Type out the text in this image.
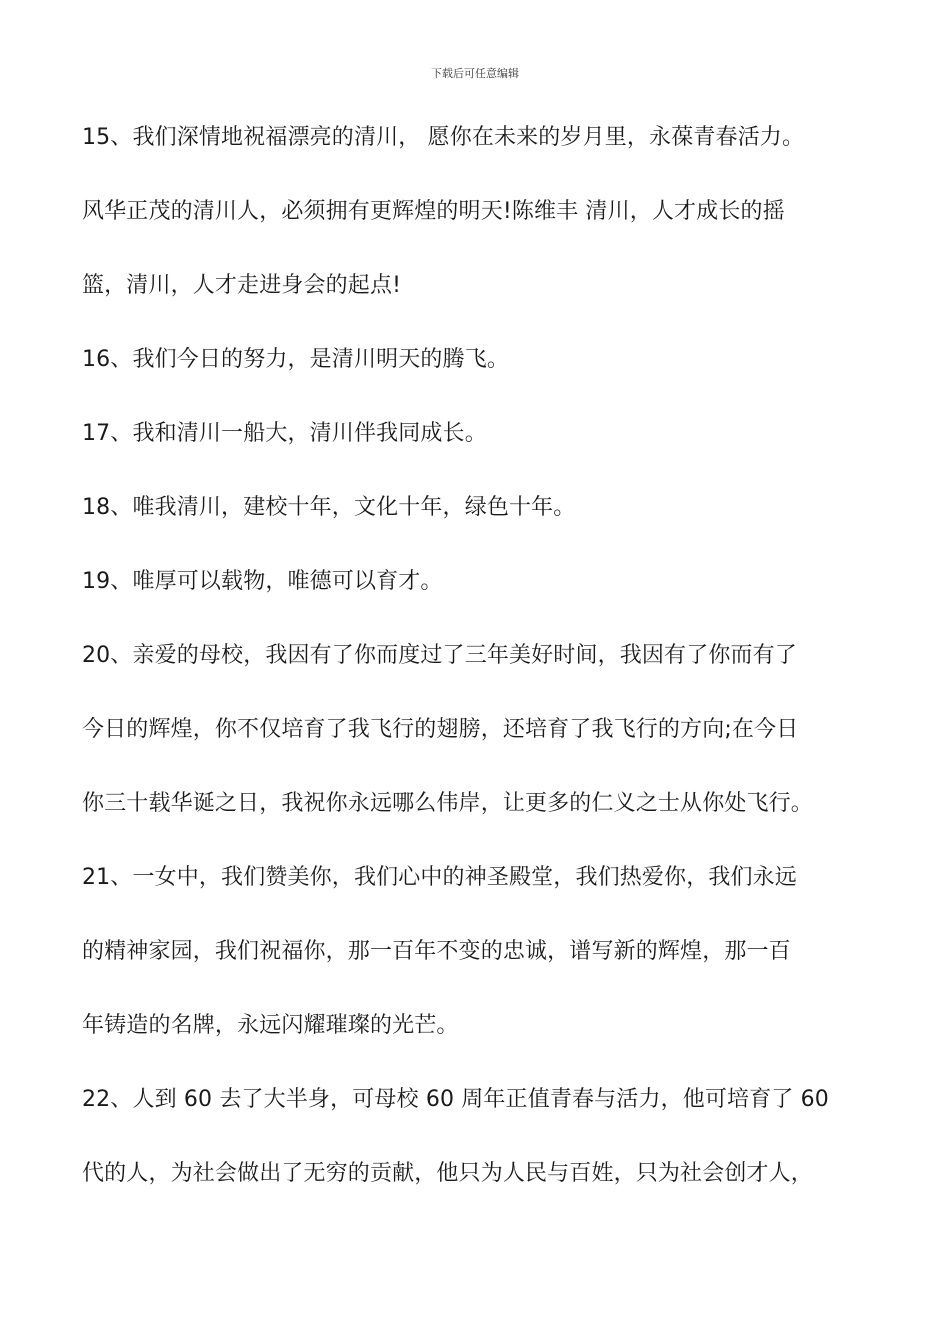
下载后可任意编辑
15、我们深情地祝福漂亮的清川， 愿你在未来的岁月里，永葆青春活力。
风华正茂的清川人，必须拥有更辉煌的明天!陈维丰 清川，人才成长的摇
篮，清川，人才走进身会的起点!
16、我们今日的努力，是清川明天的腾飞。
17、我和清川一船大，清川伴我同成长。
18、唯我清川，建校十年，文化十年，绿色十年。
19、唯厚可以载物，唯德可以育才。
20、亲爱的母校，我因有了你而度过了三年美好时间，我因有了你而有了
今日的辉煌，你不仅培育了我飞行的翅膀，还培育了我飞行的方向;在今日
你三十载华诞之日，我祝你永远哪么伟岸，让更多的仁义之士从你处飞行。
21、一女中，我们赞美你，我们心中的神圣殿堂，我们热爱你，我们永远
的精神家园，我们祝福你，那一百年不变的忠诚，谱写新的辉煌，那一百
年铸造的名牌，永远闪耀璀璨的光芒。
22、人到 60 去了大半身，可母校 60 周年正值青春与活力，他可培育了 60
代的人，为社会做出了无穷的贡献，他只为人民与百姓，只为社会创才人，
